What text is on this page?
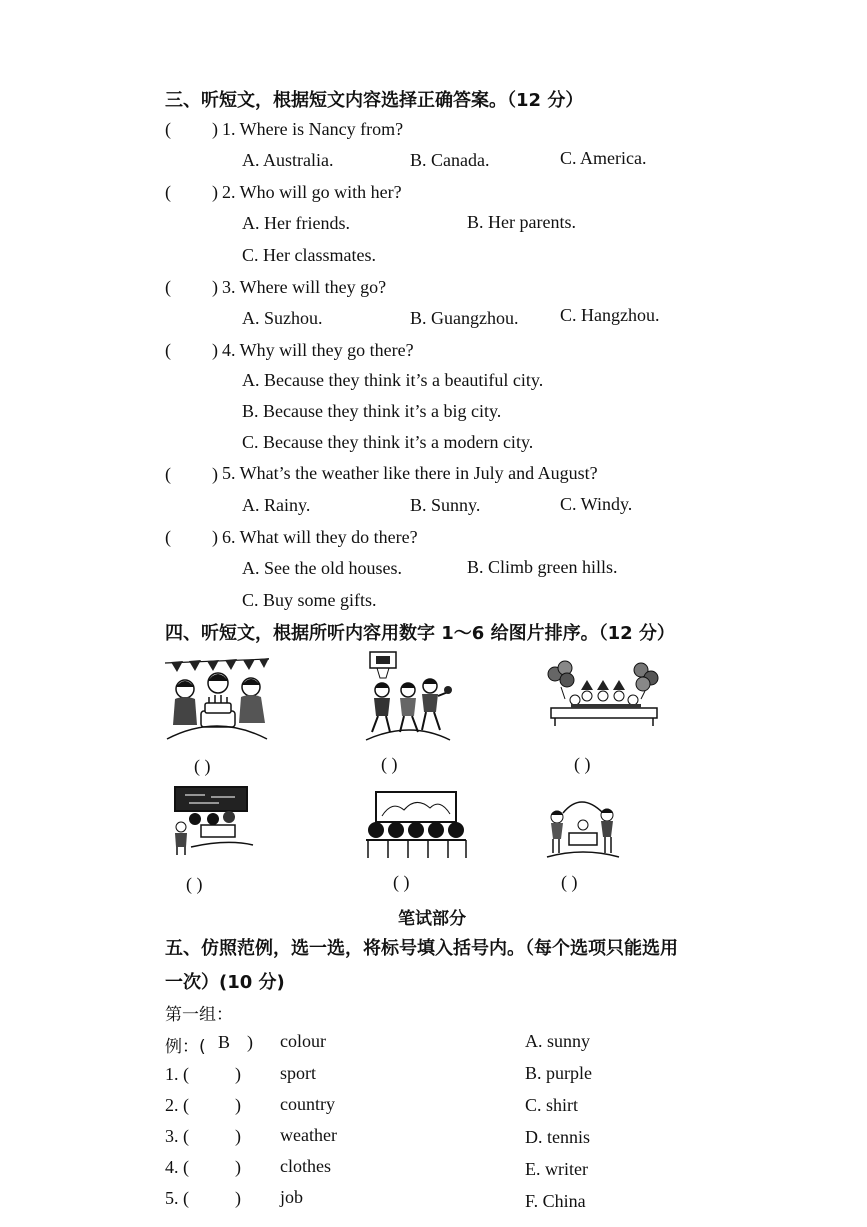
三、听短文，根据短文内容选择正确答案。（12 分）
( ) 1. Where is Nancy from?
A. Australia.	B. Canada.	C. America.
( ) 2. Who will go with her?
A. Her friends.	B. Her parents.
C. Her classmates.
( ) 3. Where will they go?
A. Suzhou.	B. Guangzhou. C. Hangzhou.
( ) 4. Why will they go there?
A. Because they think it’s a beautiful city.
B. Because they think it’s a big city.
C. Because they think it’s a modern city.
( ) 5. What’s the weather like there in July and August?
A. Rainy.	B. Sunny.	C. Windy.
( ) 6. What will they do there?
A. See the old houses.	B. Climb green hills.
C. Buy some gifts.
四、听短文，根据所听内容用数字 1～6 给图片排序。（12 分）
( )	( )	( )
( )	( )	( )
笔试部分
五、仿照范例，选一选，将标号填入括号内。（每个选项只能选用
一次）(10 分)
第一组：
例：( B ) colour	A. sunny
1. (	) sport	B. purple
2. (	) country	C. shirt
3. (	) weather	D. tennis
4. (	) clothes	E. writer
5. (	) job	F. China
